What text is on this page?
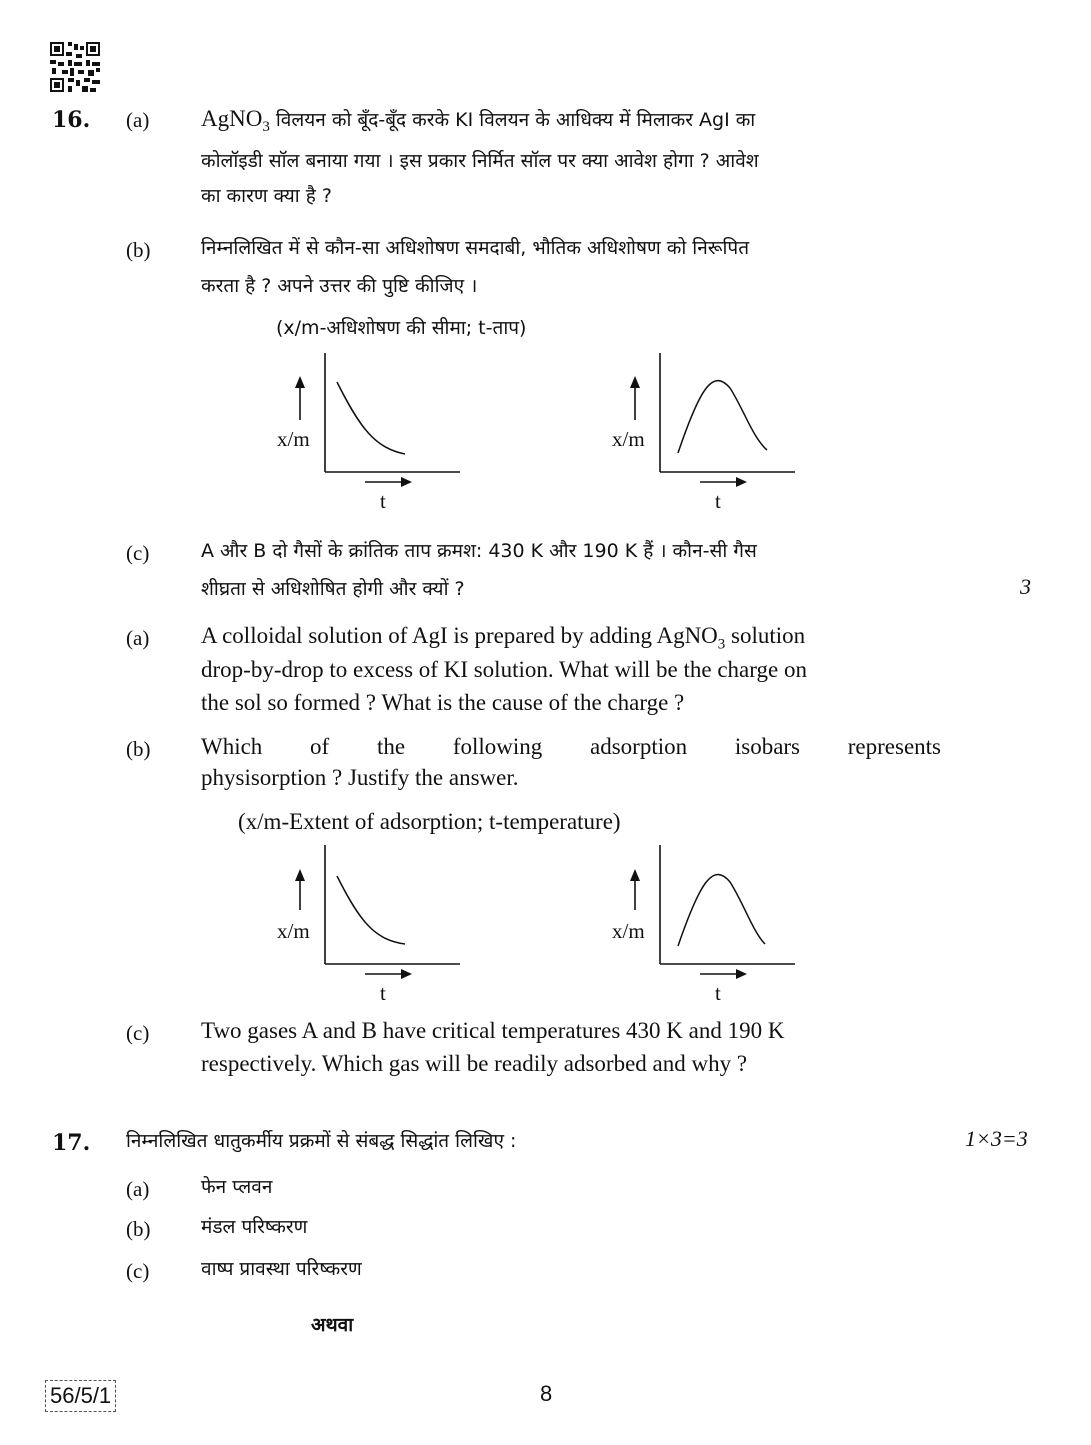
16. (a) AgNO$_3$ विलयन को बूँद-बूँद करके KI विलयन के आधिक्य में मिलाकर AgI का
कोलॉइडी सॉल बनाया गया । इस प्रकार निर्मित सॉल पर क्या आवेश होगा ? आवेश
का कारण क्या है ?
(b)	निम्नलिखित में से कौन-सा अधिशोषण समदाबी, भौतिक अधिशोषण को निरूपित
करता है ? अपने उत्तर की पुष्टि कीजिए ।
(x/m-अधिशोषण की सीमा; t-ताप)
x/m
t
x/m
t
(c)	A और B दो गैसों के क्रांतिक ताप क्रमश: 430 K और 190 K हैं । कौन-सी गैस
शीघ्रता से अधिशोषित होगी और क्यों ?	3
(a) A colloidal solution of AgI is prepared by adding AgNO$_3$ solution
drop-by-drop to excess of KI solution. What will be the charge on
the sol so formed ? What is the cause of the charge ?
(b) Which of the following adsorption isobars represents
physisorption ? Justify the answer.
(x/m-Extent of adsorption; t-temperature)
x/m
t
x/m
t
(c) Two gases A and B have critical temperatures 430 K and 190 K
respectively. Which gas will be readily adsorbed and why ?
17. निम्नलिखित धातुकर्मीय प्रक्रमों से संबद्ध सिद्धांत लिखिए :	1×3=3
(a)	फेन प्लवन
(b)	मंडल परिष्करण
(c)	वाष्प प्रावस्था परिष्करण
अथवा
56/5/1	8
